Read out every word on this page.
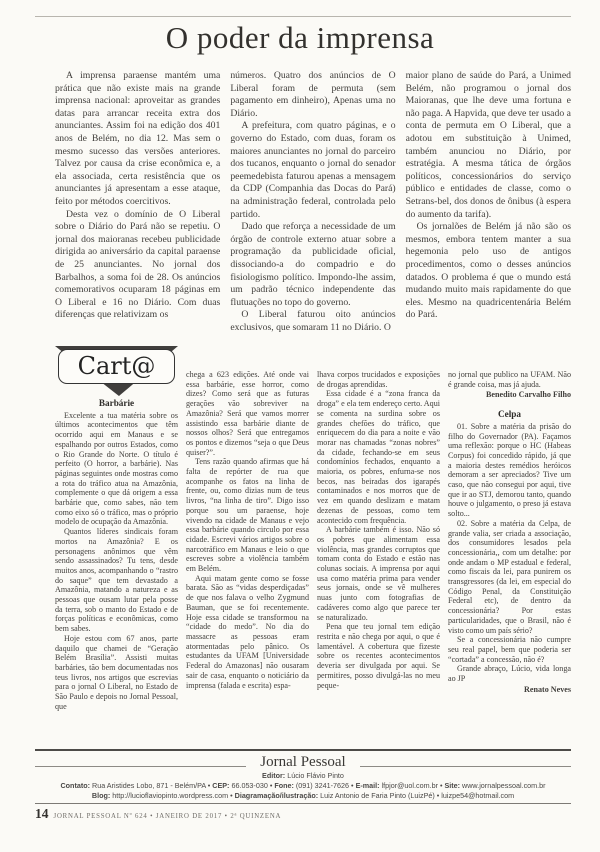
O poder da imprensa

A imprensa paraense mantém uma prática que não existe mais na grande imprensa nacional: aproveitar as grandes datas para arrancar receita extra dos anunciantes. Assim foi na edição dos 401 anos de Belém, no dia 12. Mas sem o mesmo sucesso das versões anteriores. Talvez por causa da crise econômica e, a ela associada, certa resistência que os anunciantes já apresentam a esse ataque, feito por métodos coercitivos.

Desta vez o domínio de O Liberal sobre o Diário do Pará não se repetiu. O jornal dos maioranas recebeu publicidade dirigida ao aniversário da capital paraense de 25 anunciantes. No jornal dos Barbalhos, a soma foi de 28. Os anúncios comemorativos ocuparam 18 páginas em O Liberal e 16 no Diário. Com duas diferenças que relativizam os

números. Quatro dos anúncios de O Liberal foram de permuta (sem pagamento em dinheiro), Apenas uma no Diário.

A prefeitura, com quatro páginas, e o governo do Estado, com duas, foram os maiores anunciantes no jornal do parceiro dos tucanos, enquanto o jornal do senador peemedebista faturou apenas a mensagem da CDP (Companhia das Docas do Pará) na administração federal, controlada pelo partido.

Dado que reforça a necessidade de um órgão de controle externo atuar sobre a programação da publicidade oficial, dissociando-a do compadrio e do fisiologismo político. Impondo-lhe assim, um padrão técnico independente das flutuações no topo do governo.

O Liberal faturou oito anúncios exclusivos, que somaram 11 no Diário. O

maior plano de saúde do Pará, a Unimed Belém, não programou o jornal dos Maioranas, que lhe deve uma fortuna e não paga. A Hapvida, que deve ter usado a conta de permuta em O Liberal, que a adotou em substituição à Unimed, também anunciou no Diário, por estratégia. A mesma tática de órgãos políticos, concessionários do serviço público e entidades de classe, como o Setrans-bel, dos donos de ônibus (à espera do aumento da tarifa).

Os jornalões de Belém já não são os mesmos, embora tentem manter a sua hegemonia pelo uso de antigos procedimentos, como o desses anúncios datados. O problema é que o mundo está mudando muito mais rapidamente do que eles. Mesmo na quadricentenária Belém do Pará.

Cart@
Barbárie

Excelente a tua matéria sobre os últimos acontecimentos que têm ocorrido aqui em Manaus e se espalhando por outros Estados, como o Rio Grande do Norte. O título é perfeito (O horror, a barbárie). Nas páginas seguintes onde mostras como a rota do tráfico atua na Amazônia, complemente o que dá origem a essa barbárie que, como sabes, não tem como eixo só o tráfico, mas o próprio modelo de ocupação da Amazônia.

Quantos líderes sindicais foram mortos na Amazônia? E os personagens anônimos que vêm sendo assassinados? Tu tens, desde muitos anos, acompanhando o “rastro do saque” que tem devastado a Amazônia, matando a natureza e as pessoas que ousam lutar pela posse da terra, sob o manto do Estado e de forças políticas e econômicas, como bem sabes.

Hoje estou com 67 anos, parte daquilo que chamei de “Geração Belém Brasília”. Assisti muitas barbáries, tão bem documentadas nos teus livros, nos artigos que escrevias para o jornal O Liberal, no Estado de São Paulo e depois no Jornal Pessoal, que

chega a 623 edições. Até onde vai essa barbárie, esse horror, como dizes? Como será que as futuras gerações vão sobreviver na Amazônia? Será que vamos morrer assistindo essa barbárie diante de nossos olhos? Será que entregamos os pontos e dizemos “seja o que Deus quiser?”.

Tens razão quando afirmas que há falta de repórter de rua que acompanhe os fatos na linha de frente, ou, como dizias num de teus livros, “na linha de tiro”. Digo isso porque sou um paraense, hoje vivendo na cidade de Manaus e vejo essa barbárie quando circulo por essa cidade. Escrevi vários artigos sobre o narcotráfico em Manaus e leio o que escreves sobre a violência também em Belém.

Aqui matam gente como se fosse barata. São as “vidas desperdiçadas” de que nos falava o velho Zygmund Bauman, que se foi recentemente. Hoje essa cidade se transformou na “cidade do medo”. No dia do massacre as pessoas eram atormentadas pelo pânico. Os estudantes da UFAM [Universidade Federal do Amazonas] não ousaram sair de casa, enquanto o noticiário da imprensa (falada e escrita) espa-

lhava corpos trucidados e exposições de drogas aprendidas.

Essa cidade é a “zona franca da droga” e ela tem endereço certo. Aqui se comenta na surdina sobre os grandes chefões do tráfico, que enriquecem do dia para a noite e vão morar nas chamadas “zonas nobres” da cidade, fechando-se em seus condomínios fechados, enquanto a maioria, os pobres, enfurna-se nos becos, nas beiradas dos igarapés contaminados e nos morros que de vez em quando deslizam e matam dezenas de pessoas, como tem acontecido com frequência.

A barbárie também é isso. Não só os pobres que alimentam essa violência, mas grandes corruptos que tomam conta do Estado e estão nas colunas sociais. A imprensa por aqui usa como matéria prima para vender seus jornais, onde se vê mulheres nuas junto com fotografias de cadáveres como algo que parece ter se naturalizado.

Pena que teu jornal tem edição restrita e não chega por aqui, o que é lamentável. A cobertura que fizeste sobre os recentes acontecimentos deveria ser divulgada por aqui. Se permitires, posso divulgá-las no meu peque-

no jornal que publico na UFAM. Não é grande coisa, mas já ajuda.

Benedito Carvalho Filho

Celpa

01. Sobre a matéria da prisão do filho do Governador (PA). Façamos uma reflexão: porque o HC (Habeas Corpus) foi concedido rápido, já que a maioria destes remédios heróicos demoram a ser apreciados? Tive um caso, que não consegui por aqui, tive que ir ao STJ, demorou tanto, quando houve o julgamento, o preso já estava solto...

02. Sobre a matéria da Celpa, de grande valia, ser criada a associação, dos consumidores lesados pela concessionária,, com um detalhe: por onde andam o MP estadual e federal, como fiscais da lei, para punirem os transgressores (da lei, em especial do Código Penal, da Constituição Federal etc), de dentro da concessionária? Por estas particularidades, que o Brasil, não é visto como um país sério?

Se a concessionária não cumpre seu real papel, bem que poderia ser “cortada” a concessão, não é?

Grande abraço, Lúcio, vida longa ao JP

Renato Neves

Jornal Pessoal
Editor: Lúcio Flávio Pinto
Contato: Rua Aristides Lobo, 871 - Belém/PA • CEP: 66.053-030 • Fone: (091) 3241-7626 • E-mail: lfpjor@uol.com.br • Site: www.jornalpessoal.com.br
Blog: http://lucioflaviopinto.wordpress.com • Diagramação/ilustração: Luiz Antonio de Faria Pinto (LuizPé) • luizpe54@hotmail.com
14 JORNAL PESSOAL Nº 624 • JANEIRO DE 2017 • 2ª QUINZENA
